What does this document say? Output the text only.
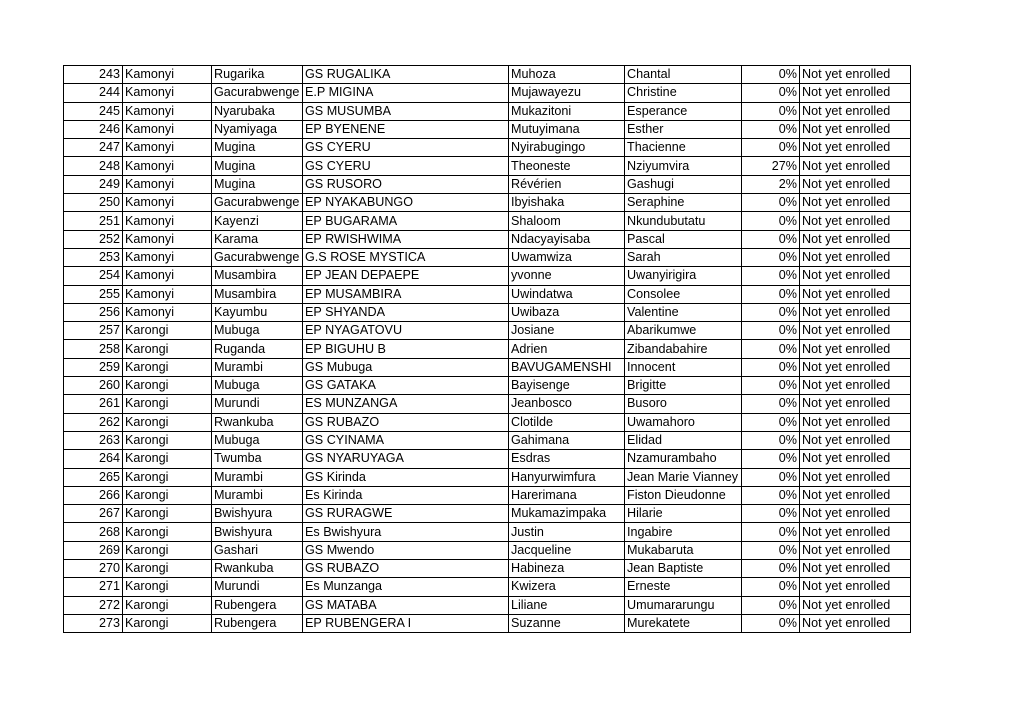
243	Kamonyi	Rugarika	GS RUGALIKA	Muhoza	Chantal	0%	Not yet enrolled
244	Kamonyi	Gacurabwenge	E.P MIGINA	Mujawayezu	Christine	0%	Not yet enrolled
245	Kamonyi	Nyarubaka	GS MUSUMBA	Mukazitoni	Esperance	0%	Not yet enrolled
246	Kamonyi	Nyamiyaga	EP BYENENE	Mutuyimana	Esther	0%	Not yet enrolled
247	Kamonyi	Mugina	GS CYERU	Nyirabugingo	Thacienne	0%	Not yet enrolled
248	Kamonyi	Mugina	GS CYERU	Theoneste	Nziyumvira	27%	Not yet enrolled
249	Kamonyi	Mugina	GS RUSORO	Révérien	Gashugi	2%	Not yet enrolled
250	Kamonyi	Gacurabwenge	EP NYAKABUNGO	Ibyishaka	Seraphine	0%	Not yet enrolled
251	Kamonyi	Kayenzi	EP BUGARAMA	Shaloom	Nkundubutatu	0%	Not yet enrolled
252	Kamonyi	Karama	EP RWISHWIMA	Ndacyayisaba	Pascal	0%	Not yet enrolled
253	Kamonyi	Gacurabwenge	G.S ROSE MYSTICA	Uwamwiza	Sarah	0%	Not yet enrolled
254	Kamonyi	Musambira	EP JEAN DEPAEPE	yvonne	Uwanyirigira	0%	Not yet enrolled
255	Kamonyi	Musambira	EP MUSAMBIRA	Uwindatwa	Consolee	0%	Not yet enrolled
256	Kamonyi	Kayumbu	EP SHYANDA	Uwibaza	Valentine	0%	Not yet enrolled
257	Karongi	Mubuga	EP NYAGATOVU	Josiane	Abarikumwe	0%	Not yet enrolled
258	Karongi	Ruganda	EP BIGUHU B	Adrien	Zibandabahire	0%	Not yet enrolled
259	Karongi	Murambi	GS Mubuga	BAVUGAMENSHI	Innocent	0%	Not yet enrolled
260	Karongi	Mubuga	GS GATAKA	Bayisenge	Brigitte	0%	Not yet enrolled
261	Karongi	Murundi	ES MUNZANGA	Jeanbosco	Busoro	0%	Not yet enrolled
262	Karongi	Rwankuba	GS RUBAZO	Clotilde	Uwamahoro	0%	Not yet enrolled
263	Karongi	Mubuga	GS CYINAMA	Gahimana	Elidad	0%	Not yet enrolled
264	Karongi	Twumba	GS NYARUYAGA	Esdras	Nzamurambaho	0%	Not yet enrolled
265	Karongi	Murambi	GS Kirinda	Hanyurwimfura	Jean Marie Vianney	0%	Not yet enrolled
266	Karongi	Murambi	Es Kirinda	Harerimana	Fiston Dieudonne	0%	Not yet enrolled
267	Karongi	Bwishyura	GS RURAGWE	Mukamazimpaka	Hilarie	0%	Not yet enrolled
268	Karongi	Bwishyura	Es Bwishyura	Justin	Ingabire	0%	Not yet enrolled
269	Karongi	Gashari	GS Mwendo	Jacqueline	Mukabaruta	0%	Not yet enrolled
270	Karongi	Rwankuba	GS RUBAZO	Habineza	Jean Baptiste	0%	Not yet enrolled
271	Karongi	Murundi	Es Munzanga	Kwizera	Erneste	0%	Not yet enrolled
272	Karongi	Rubengera	GS MATABA	Liliane	Umumararungu	0%	Not yet enrolled
273	Karongi	Rubengera	EP RUBENGERA I	Suzanne	Murekatete	0%	Not yet enrolled
